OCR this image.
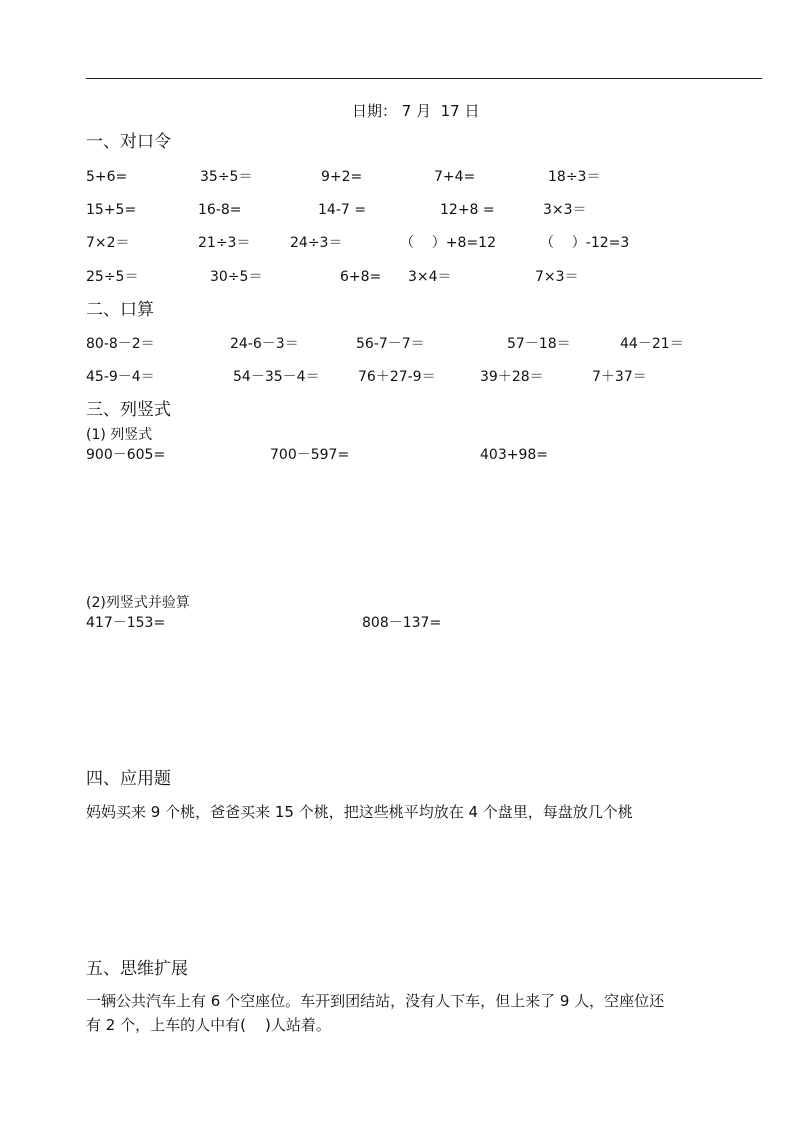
日期： 7 月  17 日
一、对口令
5+6=	35÷5＝	9+2=	7+4=	18÷3＝
15+5=	16-8=	14-7 =	12+8 =	3×3＝
7×2＝	21÷3＝	24÷3＝	（    ）+8=12	（    ）-12=3
25÷5＝	30÷5＝	6+8= 3×4＝	7×3＝
二、口算
80-8－2＝	24-6－3＝	56-7－7＝	57－18＝	44－21＝
45-9－4＝	54－35－4＝	76＋27-9＝	39＋28＝	7＋37＝
三、列竖式
(1) 列竖式
900－605=	700－597=	403+98=
(2)列竖式并验算
417－153=	808－137=
四、应用题
妈妈买来 9 个桃，爸爸买来 15 个桃，把这些桃平均放在 4 个盘里，每盘放几个桃
五、思维扩展
一辆公共汽车上有 6 个空座位。车开到团结站，没有人下车，但上来了 9 人，空座位还
有 2 个，上车的人中有(    )人站着。
